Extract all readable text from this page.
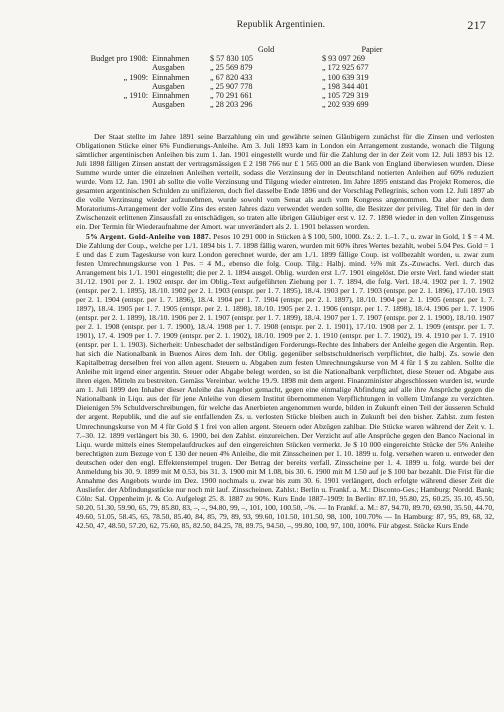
Republik Argentinien.	217
		Gold	Papier
Budget pro 1908:	Einnahmen	$ 57 830 105	$ 93 097 269
	Ausgaben	„ 25 569 879	„ 172 925 677
„ 1909:	Einnahmen	„ 67 820 433	„ 100 639 319
	Ausgaben	„ 25 907 778	„ 198 344 401
„ 1910:	Einnahmen	„ 70 291 661	„ 105 729 319
	Ausgaben	„ 28 203 296	„ 202 939 699

Der Staat stellte im Jahre 1891 seine Barzahlung ein und gewährte seinen Gläubigern zunächst für die Zinsen und verlosten Obligationen Stücke einer 6% Fundierungs-Anleihe. Am 3. Juli 1893 kam in London ein Arrangement zustande, wonach die Tilgung sämtlicher argentinischen Anleihen bis zum 1. Jan. 1901 eingestellt wurde und für die Zahlung der in der Zeit vom 12. Juli 1893 bis 12. Juli 1898 fälligen Zinsen anstatt der vertragsmässigen £ 2 198 766 nur £ 1 565 000 an die Bank von England überwiesen wurden. Diese Summe wurde unter die einzelnen Anleihen verteilt, sodass die Verzinsung der in Deutschland notierten Anleihen auf 60% reduziert wurde. Vom 12. Jan. 1901 ab sollte die volle Verzinsung und Tilgung wieder eintreten. Im Jahre 1895 entstand das Projekt Romeros, die gesamten argentinischen Schulden zu unifizieren, doch fiel dasselbe Ende 1896 und der Vorschlag Pellegrinis, schon vom 12. Juli 1897 ab die volle Verzinsung wieder aufzunehmen, wurde sowohl vom Senat als auch vom Kongress angenommen. Da aber nach dem Moratoriums-Arrangement der volle Zins des ersten Jahres dazu verwendet werden sollte, die Besitzer der privileg. Titel für den in der Zwischenzeit erlittenen Zinsausfall zu entschädigen, so traten alle übrigen Gläubiger erst v. 12. 7. 1898 wieder in den vollen Zinsgenuss ein. Der Termin für Wiederaufnahme der Amort. war unverändert als 2. 1. 1901 belassen worden.

5% Argent. Gold-Anleihe von 1887. Pesos 10 291 000 in Stücken à $ 100, 500, 1000. Zs.: 2. 1.–1. 7., u. zwar in Gold, 1 $ = 4 M. Die Zahlung der Coup., welche per 1./1. 1894 bis 1. 7. 1898 fällig waren, wurden mit 60% ihres Wertes bezahlt, wobei 5.04 Pes. Gold = 1 £ und das £ zum Tageskurse von kurz London gerechnet wurde, der am 1./1. 1899 fällige Coup. ist vollbezahlt worden, u. zwar zum festen Umrechnungskurse von 1 Pes. = 4 M., ebenso die folg. Coup. Tilg.: Halbj. mind. ½% mit Zs.-Zuwachs. Verl. durch das Arrangement bis 1./1. 1901 eingestellt; die per 2. 1. 1894 ausgel. Oblig. wurden erst 1./7. 1901 eingelöst. Die erste Verl. fand wieder statt 31./12. 1901 per 2. 1. 1902 entspr. der im Oblig.-Text aufgeführten Ziehung per 1. 7. 1894, die folg. Verl. 18./4. 1902 per 1. 7. 1902 (entspr. per 2. 1. 1895), 18./10. 1902 per 2. 1. 1903 (entspr. per 1. 7. 1895), 18./4. 1903 per 1. 7. 1903 (entspr. per 2. 1. 1896), 17./10. 1903 per 2. 1. 1904 (entspr. per 1. 7. 1896), 18./4. 1904 per 1. 7. 1904 (entspr. per 2. 1. 1897), 18./10. 1904 per 2. 1. 1905 (entspr. per 1. 7. 1897), 18./4. 1905 per 1. 7. 1905 (entspr. per 2. 1. 1898), 18./10. 1905 per 2. 1. 1906 (entspr. per 1. 7. 1898), 18./4. 1906 per 1. 7. 1906 (entspr. per 2. 1. 1899), 18./10. 1906 per 2. 1. 1907 (entspr. per 1. 7. 1899), 18./4. 1907 per 1. 7. 1907 (entspr. per 2. 1. 1900), 18./10. 1907 per 2. 1. 1908 (entspr. per 1. 7. 1900), 18./4. 1908 per 1. 7. 1908 (entspr. per 2. 1. 1901), 17./10. 1908 per 2. 1. 1909 (entspr. per 1. 7. 1901), 17. 4. 1909 per 1. 7. 1909 (entspr. per 2. 1. 1902), 18./10. 1909 per 2. 1. 1910 (entspr. per 1. 7. 1902), 19. 4. 1910 per 1. 7. 1910 (entspr. per 1. 1. 1903). Sicherheit: Unbeschadet der selbständigen Forderungs-Rechte des Inhabers der Anleihe gegen die Argentin. Rep. hat sich die Nationalbank in Buenos Aires dem Inh. der Oblig. gegenüber selbstschuldnerisch verpflichtet, die halbj. Zs. sowie den Kapitalbetrag derselben frei von allen agent. Steuern u. Abgaben zum festen Umrechnungskurse von M 4 für 1 $ zu zahlen. Sollte die Anleihe mit irgend einer argentin. Steuer oder Abgabe belegt werden, so ist die Nationalbank verpflichtet, diese Steuer od. Abgabe aus ihren eigen. Mitteln zu bestreiten. Gemäss Vereinbar. welche 19./9. 1898 mit dem argent. Finanzminister abgeschlossen wurden ist, wurde am 1. Juli 1899 den Inhaber dieser Anleihe das Angebot gemacht, gegen eine einmalige Abfindung auf alle ihre Ansprüche gegen die Nationalbank in Liqu. aus der für jene Anleihe von diesem Institut übernommenen Verpflichtungen in vollem Umfange zu verzichten. Dieienigen 5% Schuldverschreibungen, für welche das Anerbieten angenommen wurde, bilden in Zukunft einen Teil der äusseren Schuld der argent. Republik, und die auf sie entfallenden Zs. u. verlosten Stücke bleiben auch in Zukunft bei den bisher. Zahlst. zum festen Umrechnungskurse von M 4 für Gold $ 1 frei von allen argent. Steuern oder Abzügen zahlbar. Die Stücke waren während der Zeit v. 1. 7.–30. 12. 1899 verlängert bis 30. 6. 1900, bei den Zahlst. einzureichen. Der Verzicht auf alle Ansprüche gegen den Banco Nacional in Liqu. wurde mittels eines Stempelaufdruckes auf den eingereichten Stücken vermerkt. Je $ 10 000 eingereichte Stücke der 5% Anleihe berechtigten zum Bezuge von £ 130 der neuen 4% Anleihe, die mit Zinsscheinen per 1. 10. 1899 u. folg. versehen waren u. entweder den deutschen oder den engl. Effektenstempel trugen. Der Betrag der bereits verfall. Zinsscheine per 1. 4. 1899 u. folg. wurde bei der Anmeldung bis 30. 9. 1899 mit M 0.53, bis 31. 3. 1900 mit M 1.08, bis 30. 6. 1900 mit M 1.50 auf je $ 100 bar bezahlt. Die Frist für die Annahme des Angebots wurde im Dez. 1900 nochmals u. zwar bis zum 30. 6. 1901 verlängert, doch erfolgte während dieser Zeit die Ausliefer. der Abfindungsstücke nur noch mit lauf. Zinsscheinen. Zahlst.: Berlin u. Frankf. a. M.: Disconto-Ges.; Hamburg: Nordd. Bank; Cöln: Sal. Oppenheim jr. & Co. Aufgelegt 25. 8. 1887 zu 90%. Kurs Ende 1887–1909: In Berlin: 87.10, 95.80, 25, 60.25, 35.10, 45.50, 50.20, 51.30, 59.90, 65, 79, 85.80, 83, –, –, 94.80, 99, –, 101, 100, 100.50, –%. — In Frankf. a. M.: 87, 94.70, 89.70, 69.90, 35.50, 44.70, 49.60, 51.05, 58.45, 65, 78.50, 85.40, 84, 85, 79, 89, 93, 99.60, 101.50, 101.50, 98, 100, 100.70% — In Hamburg: 87, 95, 89, 68, 32, 42.50, 47, 48.50, 57.20, 62, 75.60, 85, 82.50, 84.25, 78, 89.75, 94.50, –, 99.80, 100, 97, 100, 100%. Für abgest. Stücke Kurs Ende
